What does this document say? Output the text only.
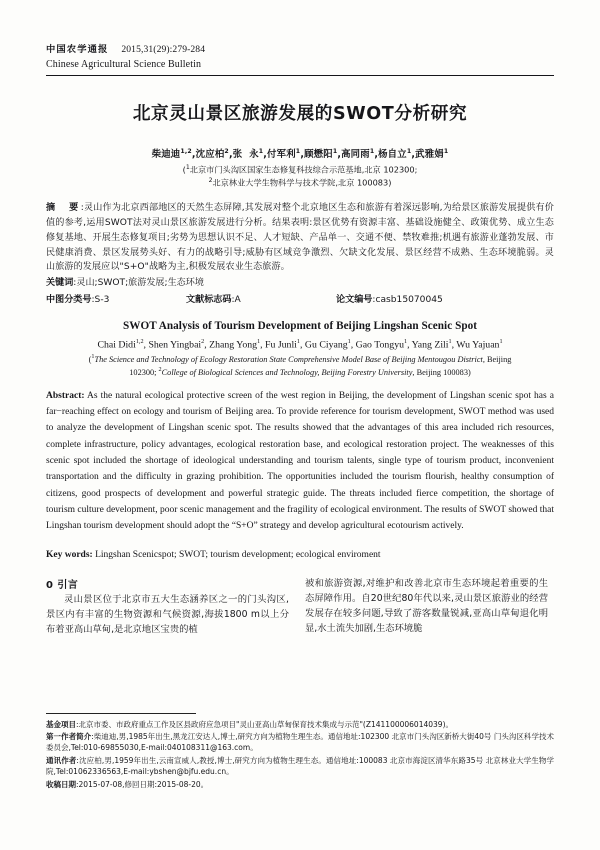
中国农学通报 2015,31(29):279-284
Chinese Agricultural Science Bulletin
北京灵山景区旅游发展的SWOT分析研究
柴迪迪$^{1,2}$,沈应柏$^2$,张  永$^1$,付军利$^1$,顾懋阳$^1$,高同雨$^1$,杨自立$^1$,武雅娟$^1$
($^1$北京市门头沟区国家生态修复科技综合示范基地,北京 102300;
$^2$北京林业大学生物科学与技术学院,北京 100083)
摘　要:灵山作为北京西部地区的天然生态屏障,其发展对整个北京地区生态和旅游有着深远影响,为给景区旅游发展提供有价值的参考,运用SWOT法对灵山景区旅游发展进行分析。结果表明:景区优势有资源丰富、基础设施健全、政策优势、成立生态修复基地、开展生态修复项目;劣势为思想认识不足、人才短缺、产品单一、交通不便、禁牧难推;机遇有旅游业蓬勃发展、市民健康消费、景区发展势头好、有力的战略引导;威胁有区域竞争激烈、欠缺文化发展、景区经营不成熟、生态环境脆弱。灵山旅游的发展应以"S+O"战略为主,积极发展农业生态旅游。
关键词:灵山;SWOT;旅游发展;生态环境
中图分类号:S-3	文献标志码:A	论文编号:casb15070045
SWOT Analysis of Tourism Development of Beijing Lingshan Scenic Spot
Chai Didi$^{1,2}$, Shen Yingbai$^2$, Zhang Yong$^1$, Fu Junli$^1$, Gu Ciyang$^1$, Gao Tongyu$^1$, Yang Zili$^1$, Wu Yajuan$^1$
($^1$The Science and Technology of Ecology Restoration State Comprehensive Model Base of Beijing Mentougou District, Beijing
102300; $^2$College of Biological Sciences and Technology, Beijing Forestry University, Beijing 100083)
Abstract: As the natural ecological protective screen of the west region in Beijing, the development of Lingshan scenic spot has a far−reaching effect on ecology and tourism of Beijing area. To provide reference for tourism development, SWOT method was used to analyze the development of Lingshan scenic spot. The results showed that the advantages of this area included rich resources, complete infrastructure, policy advantages, ecological restoration base, and ecological restoration project. The weaknesses of this scenic spot included the shortage of ideological understanding and tourism talents, single type of tourism product, inconvenient transportation and the difficulty in grazing prohibition. The opportunities included the tourism flourish, healthy consumption of citizens, good prospects of development and powerful strategic guide. The threats included fierce competition, the shortage of tourism culture development, poor scenic management and the fragility of ecological environment. The results of SWOT showed that Lingshan tourism development should adopt the “S+O” strategy and develop agricultural ecotourism actively.
Key words: Lingshan Scenicspot; SWOT; tourism development; ecological enviroment
0 引言
灵山景区位于北京市五大生态涵养区之一的门头沟区,景区内有丰富的生物资源和气候资源,海拔1800 m以上分布着亚高山草甸,是北京地区宝贵的植
被和旅游资源,对维护和改善北京市生态环境起着重要的生态屏障作用。自20世纪80年代以来,灵山景区旅游业的经营发展存在较多问题,导致了游客数量锐减,亚高山草甸退化明显,水土流失加剧,生态环境脆
基金项目:北京市委、市政府重点工作及区县政府应急项目"灵山亚高山草甸保育技术集成与示范"(Z141100006014039)。
第一作者简介:柴迪迪,男,1985年出生,黑龙江安达人,博士,研究方向为植物生理生态。通信地址:102300 北京市门头沟区新桥大街40号 门头沟区科学技术委员会,Tel:010-69855030,E-mail:040108311@163.com。
通讯作者:沈应柏,男,1959年出生,云南宣威人,教授,博士,研究方向为植物生理生态。通信地址:100083 北京市海淀区清华东路35号 北京林业大学生物学院,Tel:01062336563,E-mail:ybshen@bjfu.edu.cn。
收稿日期:2015-07-08,修回日期:2015-08-20。
